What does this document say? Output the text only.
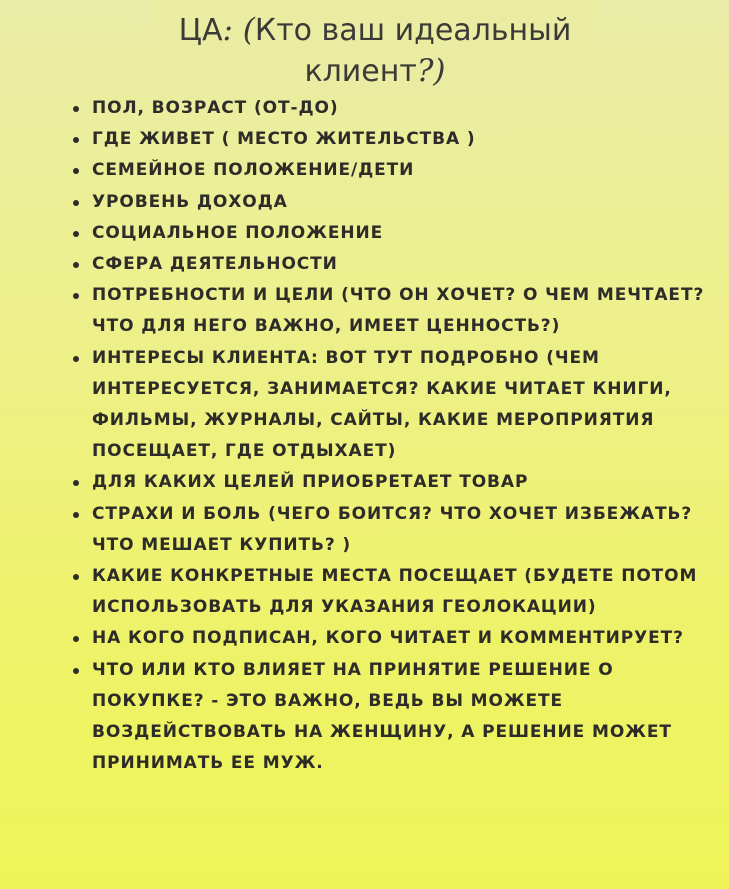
ЦА: (Кто ваш идеальный
клиент?)
ПОЛ, ВОЗРАСТ (ОТ-ДО)
ГДЕ ЖИВЕТ ( МЕСТО ЖИТЕЛЬСТВА )
СЕМЕЙНОЕ ПОЛОЖЕНИЕ/ДЕТИ
УРОВЕНЬ ДОХОДА
СОЦИАЛЬНОЕ ПОЛОЖЕНИЕ
СФЕРА ДЕЯТЕЛЬНОСТИ
ПОТРЕБНОСТИ И ЦЕЛИ (ЧТО ОН ХОЧЕТ? О ЧЕМ МЕЧТАЕТ? ЧТО ДЛЯ НЕГО ВАЖНО, ИМЕЕТ ЦЕННОСТЬ?)
ИНТЕРЕСЫ КЛИЕНТА: ВОТ ТУТ ПОДРОБНО (ЧЕМ ИНТЕРЕСУЕТСЯ, ЗАНИМАЕТСЯ? КАКИЕ ЧИТАЕТ КНИГИ, ФИЛЬМЫ, ЖУРНАЛЫ, САЙТЫ, КАКИЕ МЕРОПРИЯТИЯ ПОСЕЩАЕТ, ГДЕ ОТДЫХАЕТ)
ДЛЯ КАКИХ ЦЕЛЕЙ ПРИОБРЕТАЕТ ТОВАР
СТРАХИ И БОЛЬ (ЧЕГО БОИТСЯ? ЧТО ХОЧЕТ ИЗБЕЖАТЬ? ЧТО МЕШАЕТ КУПИТЬ? )
КАКИЕ КОНКРЕТНЫЕ МЕСТА ПОСЕЩАЕТ (БУДЕТЕ ПОТОМ ИСПОЛЬЗОВАТЬ ДЛЯ УКАЗАНИЯ ГЕОЛОКАЦИИ)
НА КОГО ПОДПИСАН, КОГО ЧИТАЕТ И КОММЕНТИРУЕТ?
ЧТО ИЛИ КТО ВЛИЯЕТ НА ПРИНЯТИЕ РЕШЕНИЕ О ПОКУПКЕ? - ЭТО ВАЖНО, ВЕДЬ ВЫ МОЖЕТЕ ВОЗДЕЙСТВОВАТЬ НА ЖЕНЩИНУ, А РЕШЕНИЕ МОЖЕТ ПРИНИМАТЬ ЕЕ МУЖ.
